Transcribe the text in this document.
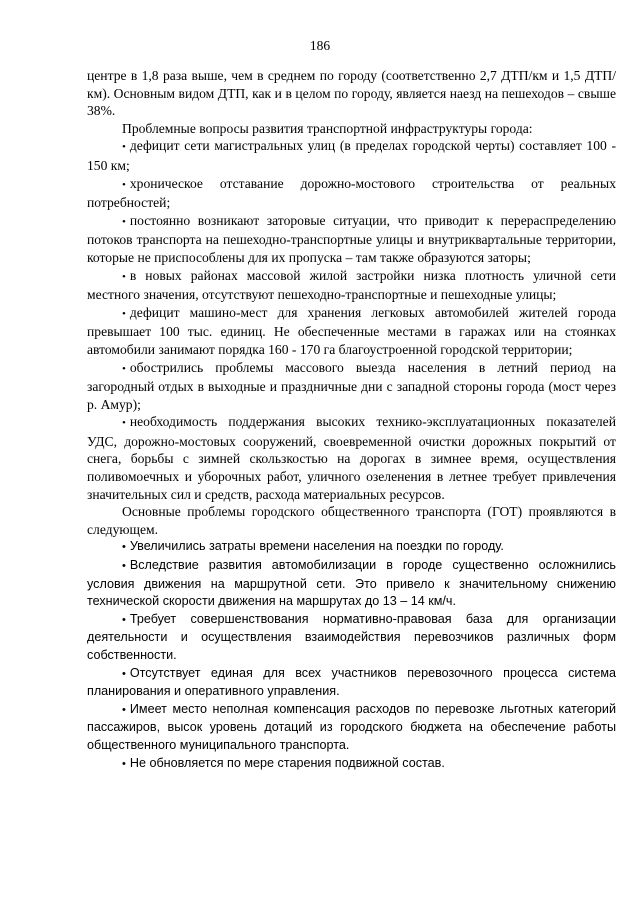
186

центре в 1,8 раза выше, чем в среднем по городу (соответственно 2,7 ДТП/км и 1,5 ДТП/км). Основным видом ДТП, как и в целом по городу, является наезд на пешеходов – свыше 38%.

Проблемные вопросы развития транспортной инфраструктуры города:

• дефицит сети магистральных улиц (в пределах городской черты) составляет 100 - 150 км;

• хроническое отставание дорожно-мостового строительства от реальных потребностей;

• постоянно возникают заторовые ситуации, что приводит к перераспределению потоков транспорта на пешеходно-транспортные улицы и внутриквартальные территории, которые не приспособлены для их пропуска – там также образуются заторы;

• в новых районах массовой жилой застройки низка плотность уличной сети местного значения, отсутствуют пешеходно-транспортные и пешеходные улицы;

• дефицит машино-мест для хранения легковых автомобилей жителей города превышает 100 тыс. единиц. Не обеспеченные местами в гаражах или на стоянках автомобили занимают порядка 160 - 170 га благоустроенной городской территории;

• обострились проблемы массового выезда населения в летний период на загородный отдых в выходные и праздничные дни с западной стороны города (мост через р. Амур);

• необходимость поддержания высоких технико-эксплуатационных показателей УДС, дорожно-мостовых сооружений, своевременной очистки дорожных покрытий от снега, борьбы с зимней скользкостью на дорогах в зимнее время, осуществления поливомоечных и уборочных работ, уличного озеленения в летнее требует привлечения значительных сил и средств, расхода материальных ресурсов.

Основные проблемы городского общественного транспорта (ГОТ) проявляются в следующем.

• Увеличились затраты времени населения на поездки по городу.

• Вследствие развития автомобилизации в городе существенно осложнились условия движения на маршрутной сети. Это привело к значительному снижению технической скорости движения на маршрутах до 13 – 14 км/ч.

• Требует совершенствования нормативно-правовая база для организации деятельности и осуществления взаимодействия перевозчиков различных форм собственности.

• Отсутствует единая для всех участников перевозочного процесса система планирования и оперативного управления.

• Имеет место неполная компенсация расходов по перевозке льготных категорий пассажиров, высок уровень дотаций из городского бюджета на обеспечение работы общественного муниципального транспорта.

• Не обновляется по мере старения подвижной состав.
